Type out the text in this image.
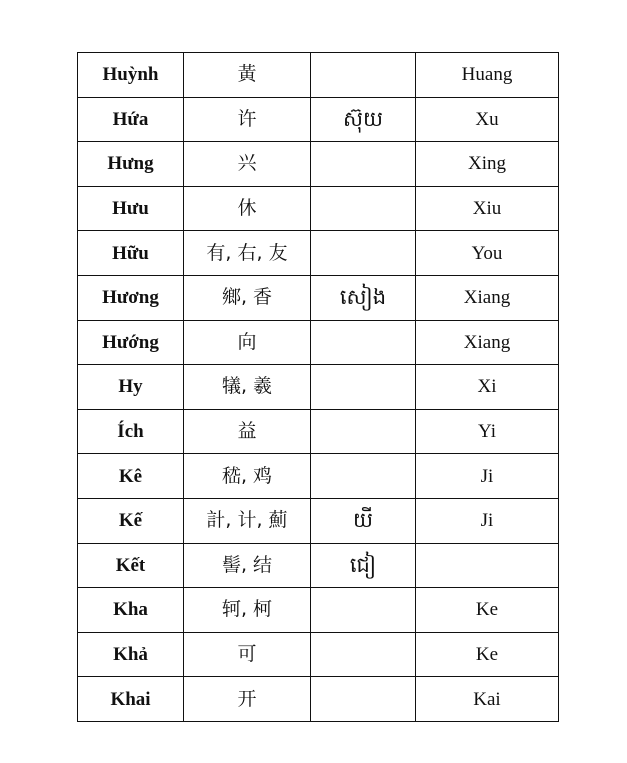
Huỳnh	黃		Huang
Hứa	许	ស៊ុយ	Xu
Hưng	兴		Xing
Hưu	休		Xiu
Hữu	有, 右, 友		You
Hương	鄉, 香	សៀង	Xiang
Hướng	向		Xiang
Hy	犠, 羲		Xi
Ích	益		Yi
Kê	嵇, 鸡		Ji
Kế	計, 计, 薊	យី	Ji
Kết	髻, 结	ជៀ	
Kha	轲, 柯		Ke
Khả	可		Ke
Khai	开		Kai
